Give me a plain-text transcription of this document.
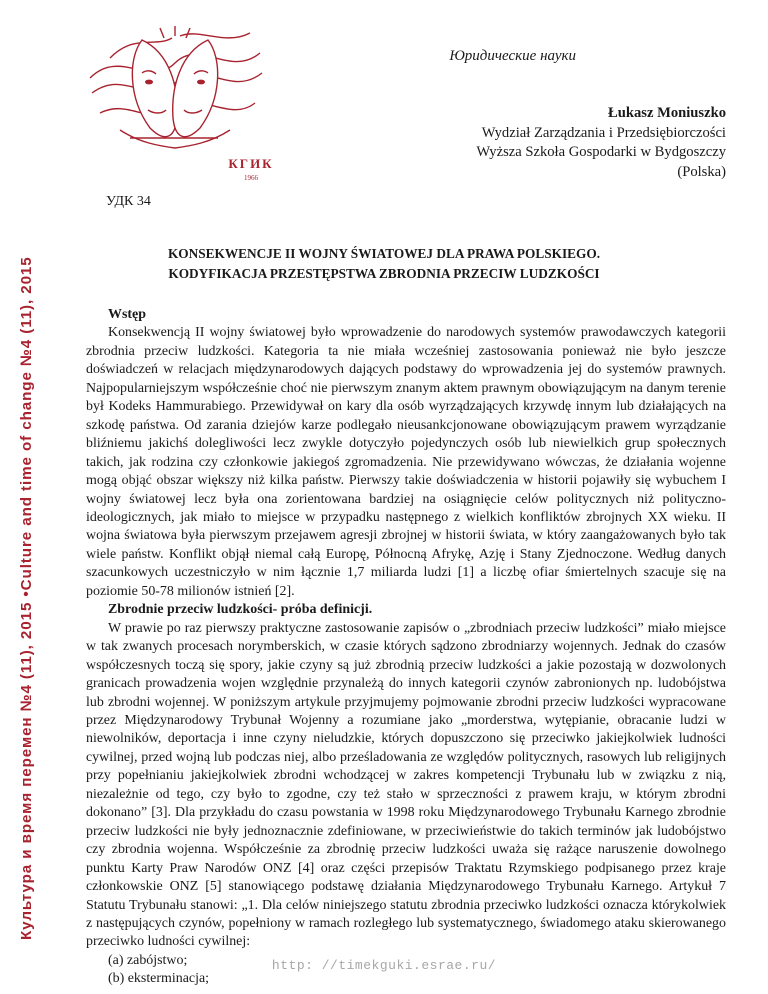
Культура и время перемен №4 (11), 2015 •Culture and time of change №4 (11), 2015
КГИК
1966
Юридические науки
Łukasz Moniuszko
Wydział Zarządzania i Przedsiębiorczości
Wyższa Szkoła Gospodarki w Bydgoszczy
(Polska)
УДК 34
KONSEKWENCJE II WOJNY ŚWIATOWEJ DLA PRAWA POLSKIEGO.
KODYFIKACJA PRZESTĘPSTWA ZBRODNIA PRZECIW LUDZKOŚCI

Wstęp

Konsekwencją II wojny światowej było wprowadzenie do narodowych systemów prawodawczych kategorii zbrodnia przeciw ludzkości. Kategoria ta nie miała wcześniej zastosowania ponieważ nie było jeszcze doświadczeń w relacjach międzynarodowych dających podstawy do wprowadzenia jej do systemów prawnych. Najpopularniejszym współcześnie choć nie pierwszym znanym aktem prawnym obowiązującym na danym terenie był Kodeks Hammurabiego. Przewidywał on kary dla osób wyrządzających krzywdę innym lub działających na szkodę państwa. Od zarania dziejów karze podlegało nieusankcjonowane obowiązującym prawem wyrządzanie bliźniemu jakichś dolegliwości lecz zwykle dotyczyło pojedynczych osób lub niewielkich grup społecznych takich, jak rodzina czy członkowie jakiegoś zgromadzenia. Nie przewidywano wówczas, że działania wojenne mogą objąć obszar większy niż kilka państw. Pierwszy takie doświadczenia w historii pojawiły się wybuchem I wojny światowej lecz była ona zorientowana bardziej na osiągnięcie celów politycznych niż polityczno-ideologicznych, jak miało to miejsce w przypadku następnego z wielkich konfliktów zbrojnych XX wieku. II wojna światowa była pierwszym przejawem agresji zbrojnej w historii świata, w który zaangażowanych było tak wiele państw. Konflikt objął niemal całą Europę, Północną Afrykę, Azję i Stany Zjednoczone. Według danych szacunkowych uczestniczyło w nim łącznie 1,7 miliarda ludzi [1] a liczbę ofiar śmiertelnych szacuje się na poziomie 50-78 milionów istnień [2].

Zbrodnie przeciw ludzkości- próba definicji.

W prawie po raz pierwszy praktyczne zastosowanie zapisów o „zbrodniach przeciw ludzkości” miało miejsce w tak zwanych procesach norymberskich, w czasie których sądzono zbrodniarzy wojennych. Jednak do czasów współczesnych toczą się spory, jakie czyny są już zbrodnią przeciw ludzkości a jakie pozostają w dozwolonych granicach prowadzenia wojen względnie przynależą do innych kategorii czynów zabronionych np. ludobójstwa lub zbrodni wojennej. W poniższym artykule przyjmujemy pojmowanie zbrodni przeciw ludzkości wypracowane przez Międzynarodowy Trybunał Wojenny a rozumiane jako „morderstwa, wytępianie, obracanie ludzi w niewolników, deportacja i inne czyny nieludzkie, których dopuszczono się przeciwko jakiejkolwiek ludności cywilnej, przed wojną lub podczas niej, albo prześladowania ze względów politycznych, rasowych lub religijnych przy popełnianiu jakiejkolwiek zbrodni wchodzącej w zakres kompetencji Trybunału lub w związku z nią, niezależnie od tego, czy było to zgodne, czy też stało w sprzeczności z prawem kraju, w którym zbrodni dokonano” [3]. Dla przykładu do czasu powstania w 1998 roku Międzynarodowego Trybunału Karnego zbrodnie przeciw ludzkości nie były jednoznacznie zdefiniowane, w przeciwieństwie do takich terminów jak ludobójstwo czy zbrodnia wojenna. Współcześnie za zbrodnię przeciw ludzkości uważa się rażące naruszenie dowolnego punktu Karty Praw Narodów ONZ [4] oraz części przepisów Traktatu Rzymskiego podpisanego przez kraje członkowskie ONZ [5] stanowiącego podstawę działania Międzynarodowego Trybunału Karnego. Artykuł 7 Statutu Trybunału stanowi: „1. Dla celów niniejszego statutu zbrodnia przeciwko ludzkości oznacza którykolwiek z następujących czynów, popełniony w ramach rozległego lub systematycznego, świadomego ataku skierowanego przeciwko ludności cywilnej:

(a) zabójstwo;

(b) eksterminacja;

http: //timekguki.esrae.ru/
